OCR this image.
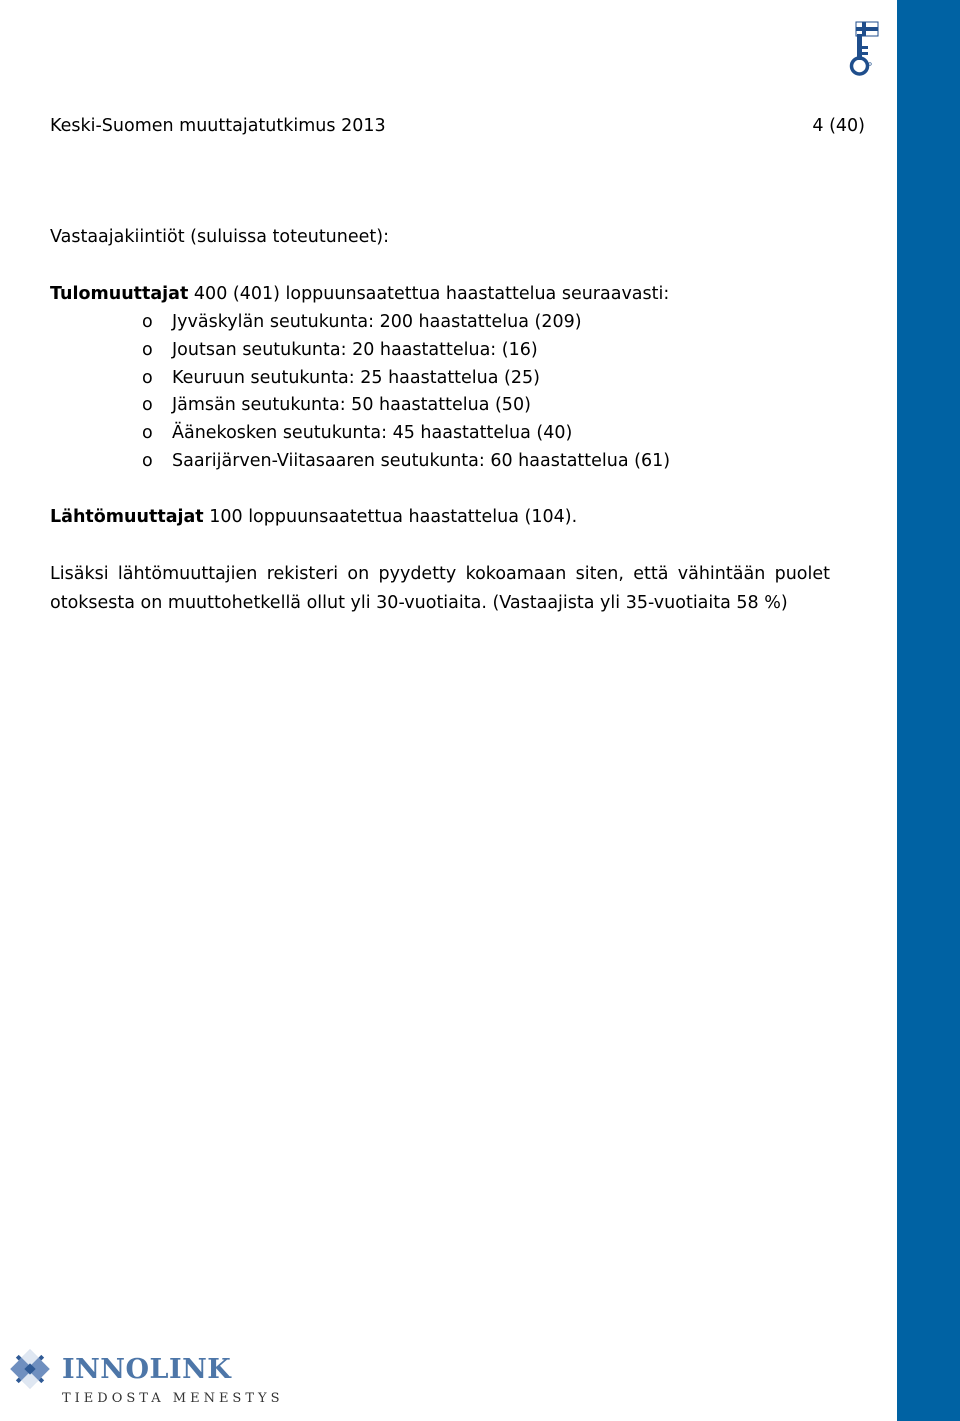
Keski-Suomen muuttajatutkimus 2013	4 (40)
Vastaajakiintiöt (suluissa toteutuneet):
Tulomuuttajat 400 (401) loppuunsaatettua haastattelua seuraavasti:
o Jyväskylän seutukunta: 200 haastattelua (209)
o Joutsan seutukunta: 20 haastattelua: (16)
o Keuruun seutukunta: 25 haastattelua (25)
o Jämsän seutukunta: 50 haastattelua (50)
o Äänekosken seutukunta: 45 haastattelua (40)
o Saarijärven-Viitasaaren seutukunta: 60 haastattelua (61)
Lähtömuuttajat 100 loppuunsaatettua haastattelua (104).
Lisäksi lähtömuuttajien rekisteri on pyydetty kokoamaan siten, että vähintään puolet otoksesta on muuttohetkellä ollut yli 30-vuotiaita. (Vastaajista yli 35-vuotiaita 58 %)
INNOLINK
TIEDOSTA MENESTYS
